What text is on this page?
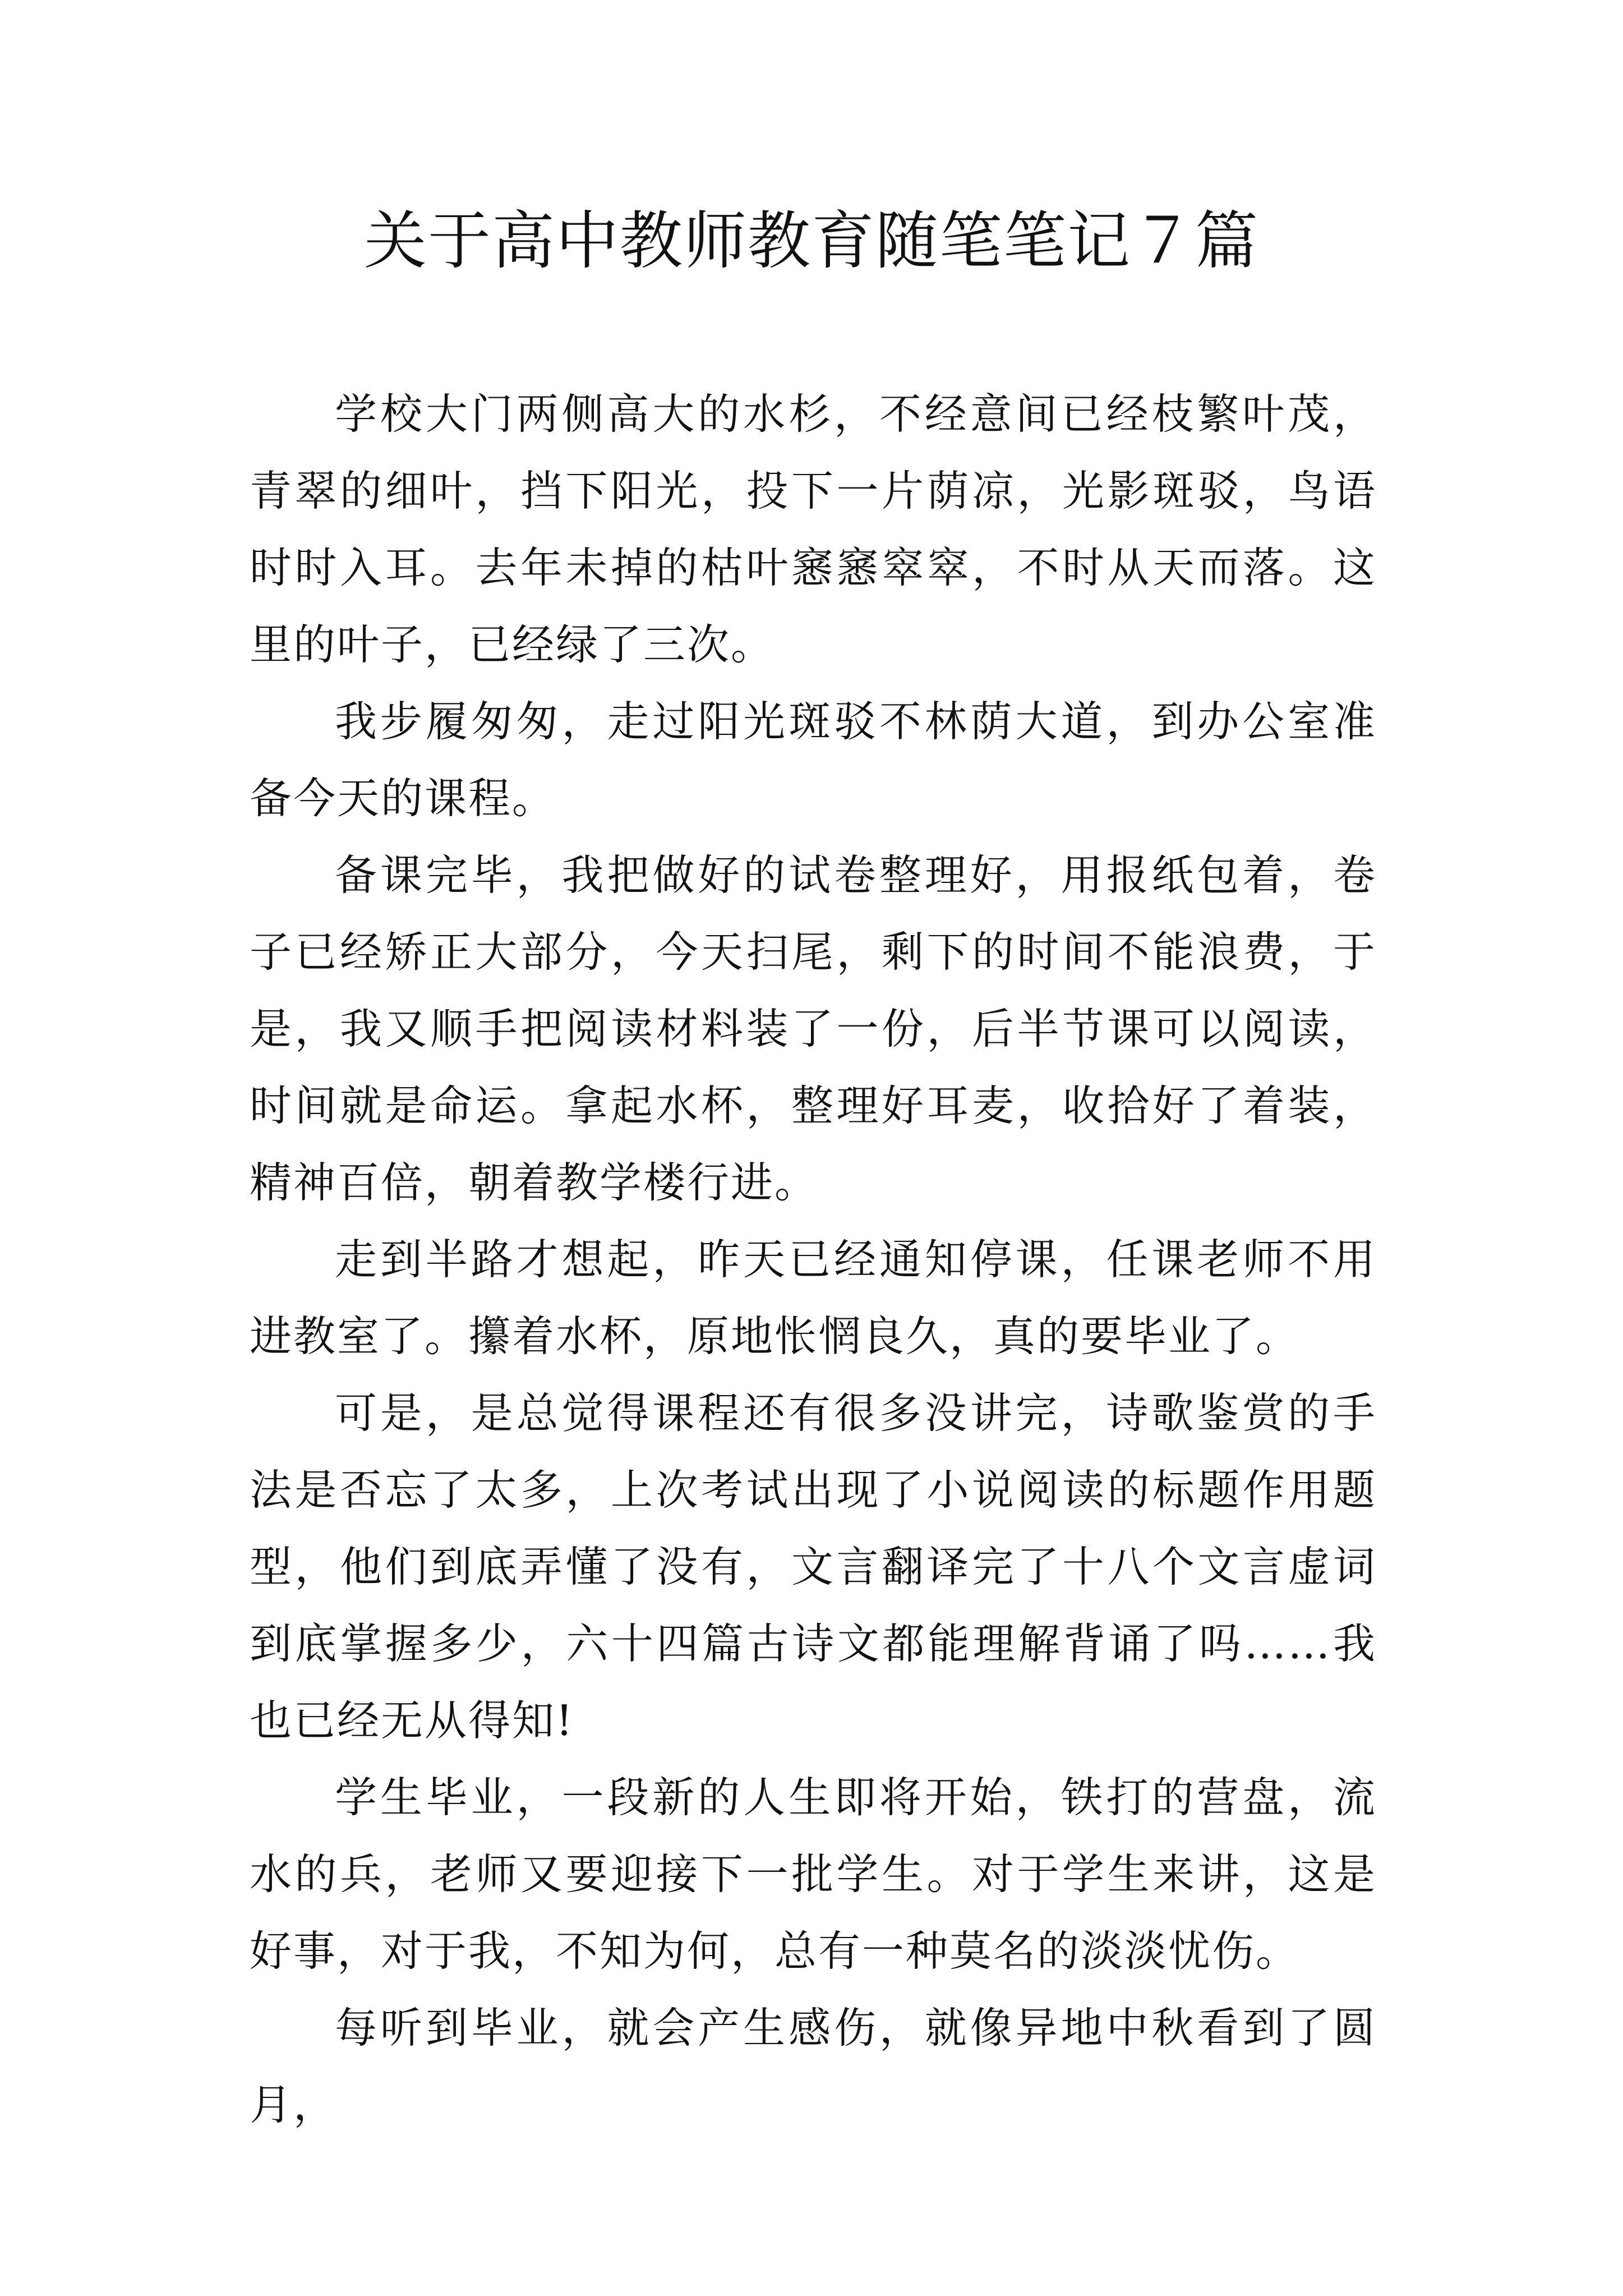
关于高中教师教育随笔笔记７篇

学校大门两侧高大的水杉，不经意间已经枝繁叶茂，青翠的细叶，挡下阳光，投下一片荫凉，光影斑驳，鸟语时时入耳。去年未掉的枯叶窸窸窣窣，不时从天而落。这里的叶子，已经绿了三次。

我步履匆匆，走过阳光斑驳不林荫大道，到办公室准备今天的课程。

备课完毕，我把做好的试卷整理好，用报纸包着，卷子已经矫正大部分，今天扫尾，剩下的时间不能浪费，于是，我又顺手把阅读材料装了一份，后半节课可以阅读，时间就是命运。拿起水杯，整理好耳麦，收拾好了着装，精神百倍，朝着教学楼行进。

走到半路才想起，昨天已经通知停课，任课老师不用进教室了。攥着水杯，原地怅惘良久，真的要毕业了。

可是，是总觉得课程还有很多没讲完，诗歌鉴赏的手法是否忘了太多，上次考试出现了小说阅读的标题作用题型，他们到底弄懂了没有，文言翻译完了十八个文言虚词到底掌握多少，六十四篇古诗文都能理解背诵了吗……我也已经无从得知!

学生毕业，一段新的人生即将开始，铁打的营盘，流水的兵，老师又要迎接下一批学生。对于学生来讲，这是好事，对于我，不知为何，总有一种莫名的淡淡忧伤。

每听到毕业，就会产生感伤，就像异地中秋看到了圆月，
